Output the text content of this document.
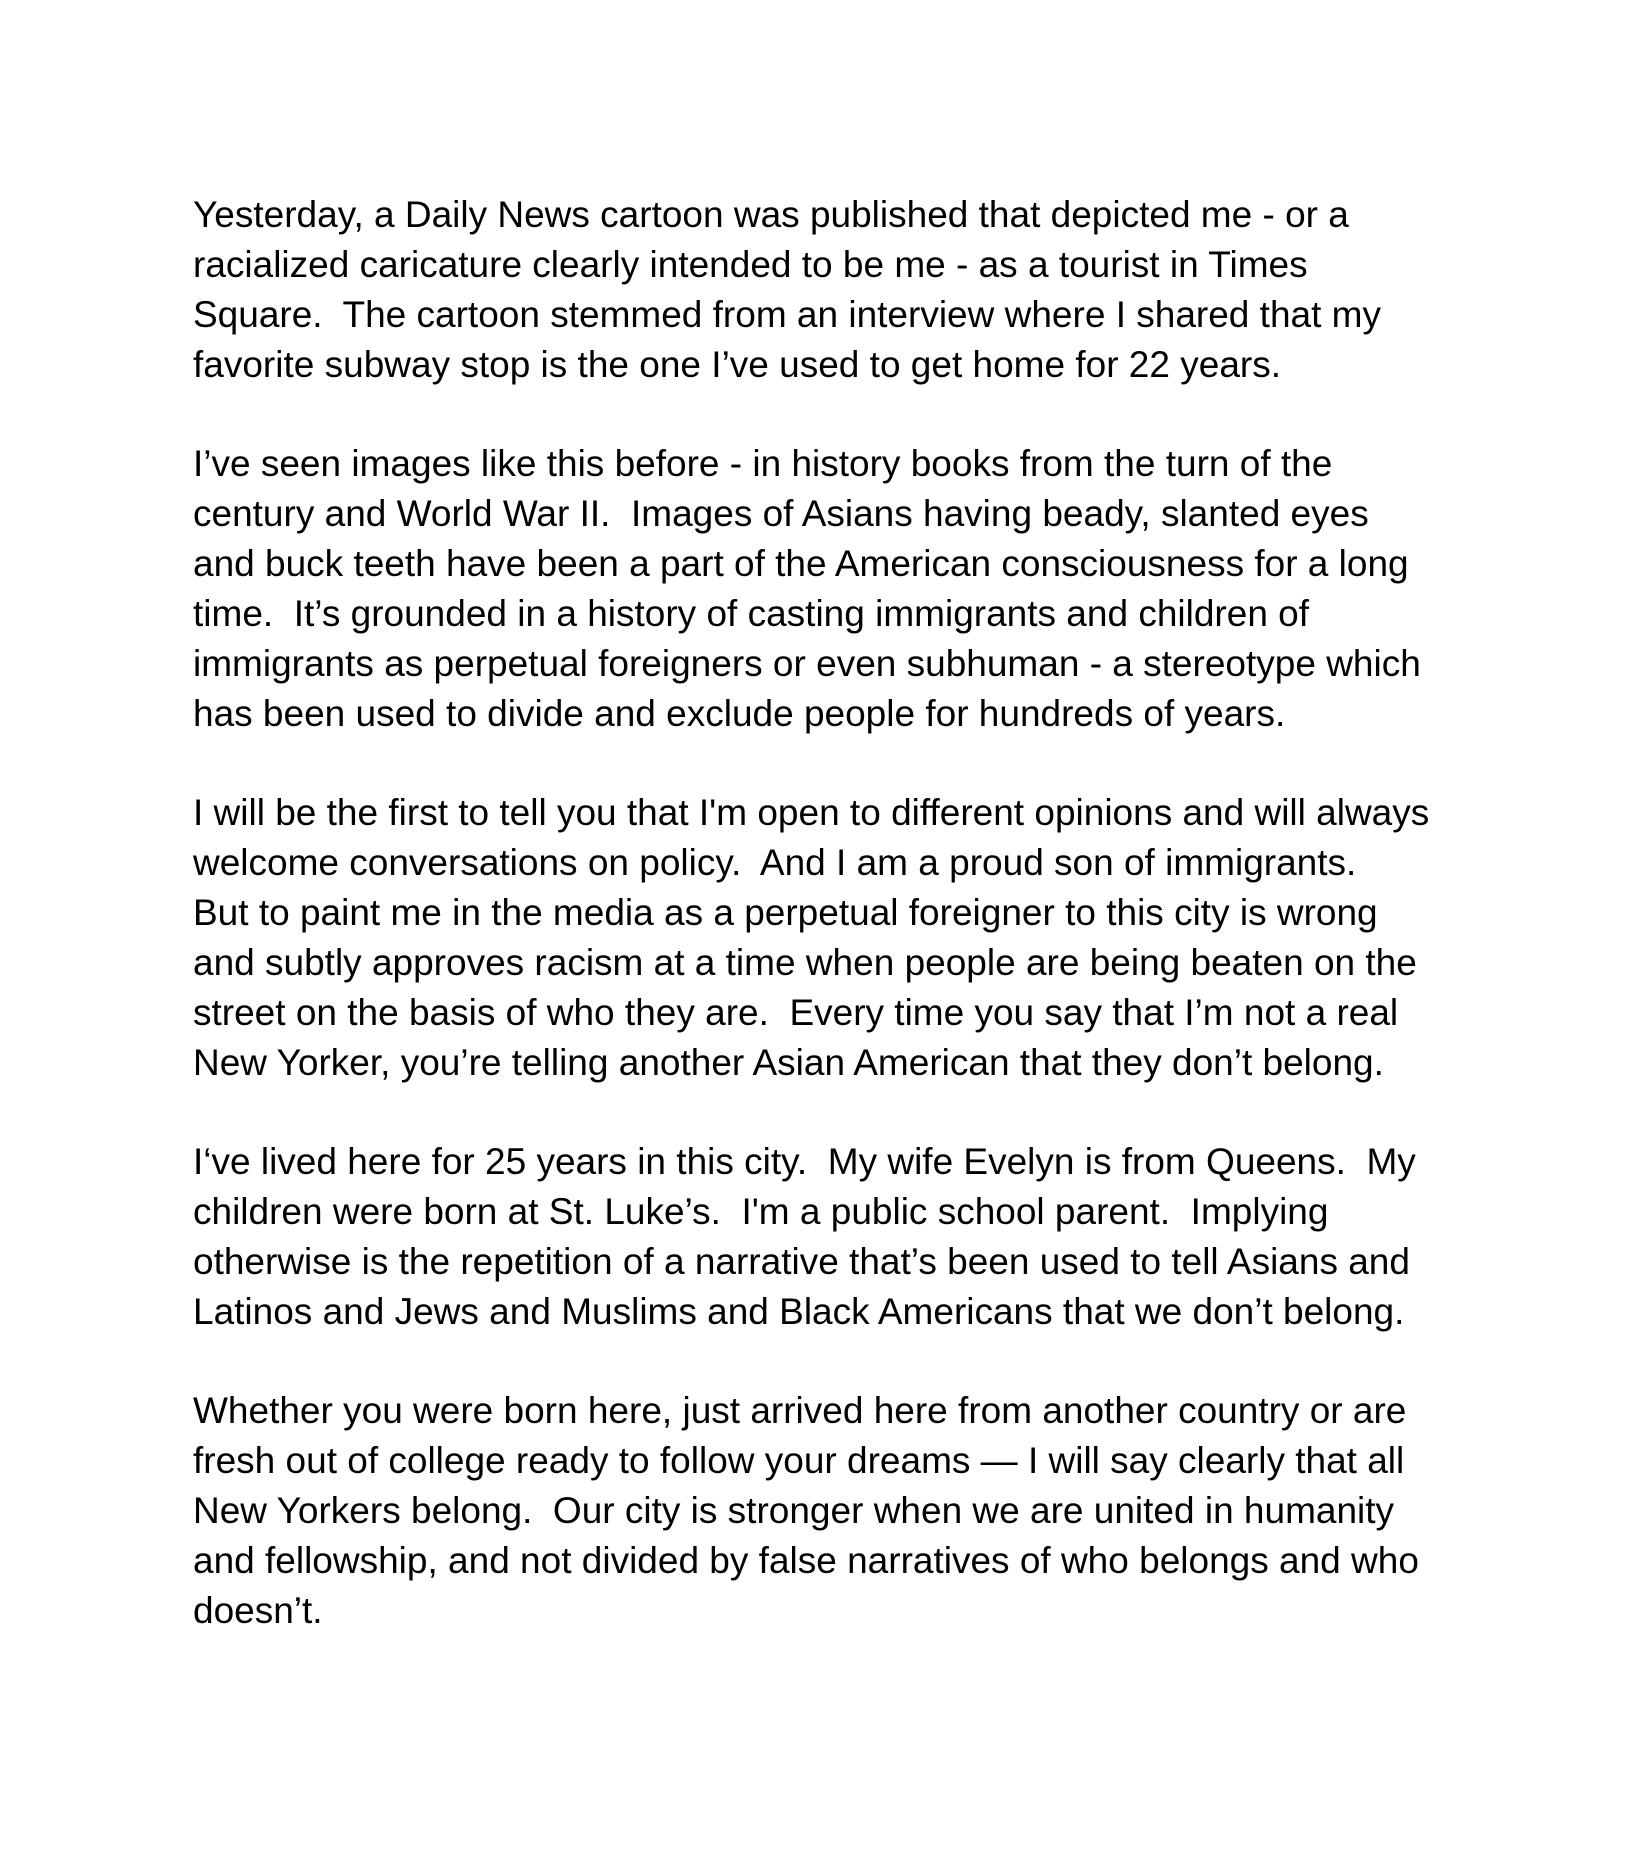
Yesterday, a Daily News cartoon was published that depicted me - or a
racialized caricature clearly intended to be me - as a tourist in Times
Square.  The cartoon stemmed from an interview where I shared that my
favorite subway stop is the one I’ve used to get home for 22 years.

I’ve seen images like this before - in history books from the turn of the
century and World War II.  Images of Asians having beady, slanted eyes
and buck teeth have been a part of the American consciousness for a long
time.  It’s grounded in a history of casting immigrants and children of
immigrants as perpetual foreigners or even subhuman - a stereotype which
has been used to divide and exclude people for hundreds of years.

I will be the first to tell you that I'm open to different opinions and will always
welcome conversations on policy.  And I am a proud son of immigrants.
But to paint me in the media as a perpetual foreigner to this city is wrong
and subtly approves racism at a time when people are being beaten on the
street on the basis of who they are.  Every time you say that I’m not a real
New Yorker, you’re telling another Asian American that they don’t belong.

I‘ve lived here for 25 years in this city.  My wife Evelyn is from Queens.  My
children were born at St. Luke’s.  I'm a public school parent.  Implying
otherwise is the repetition of a narrative that’s been used to tell Asians and
Latinos and Jews and Muslims and Black Americans that we don’t belong.

Whether you were born here, just arrived here from another country or are
fresh out of college ready to follow your dreams — I will say clearly that all
New Yorkers belong.  Our city is stronger when we are united in humanity
and fellowship, and not divided by false narratives of who belongs and who
doesn’t.
